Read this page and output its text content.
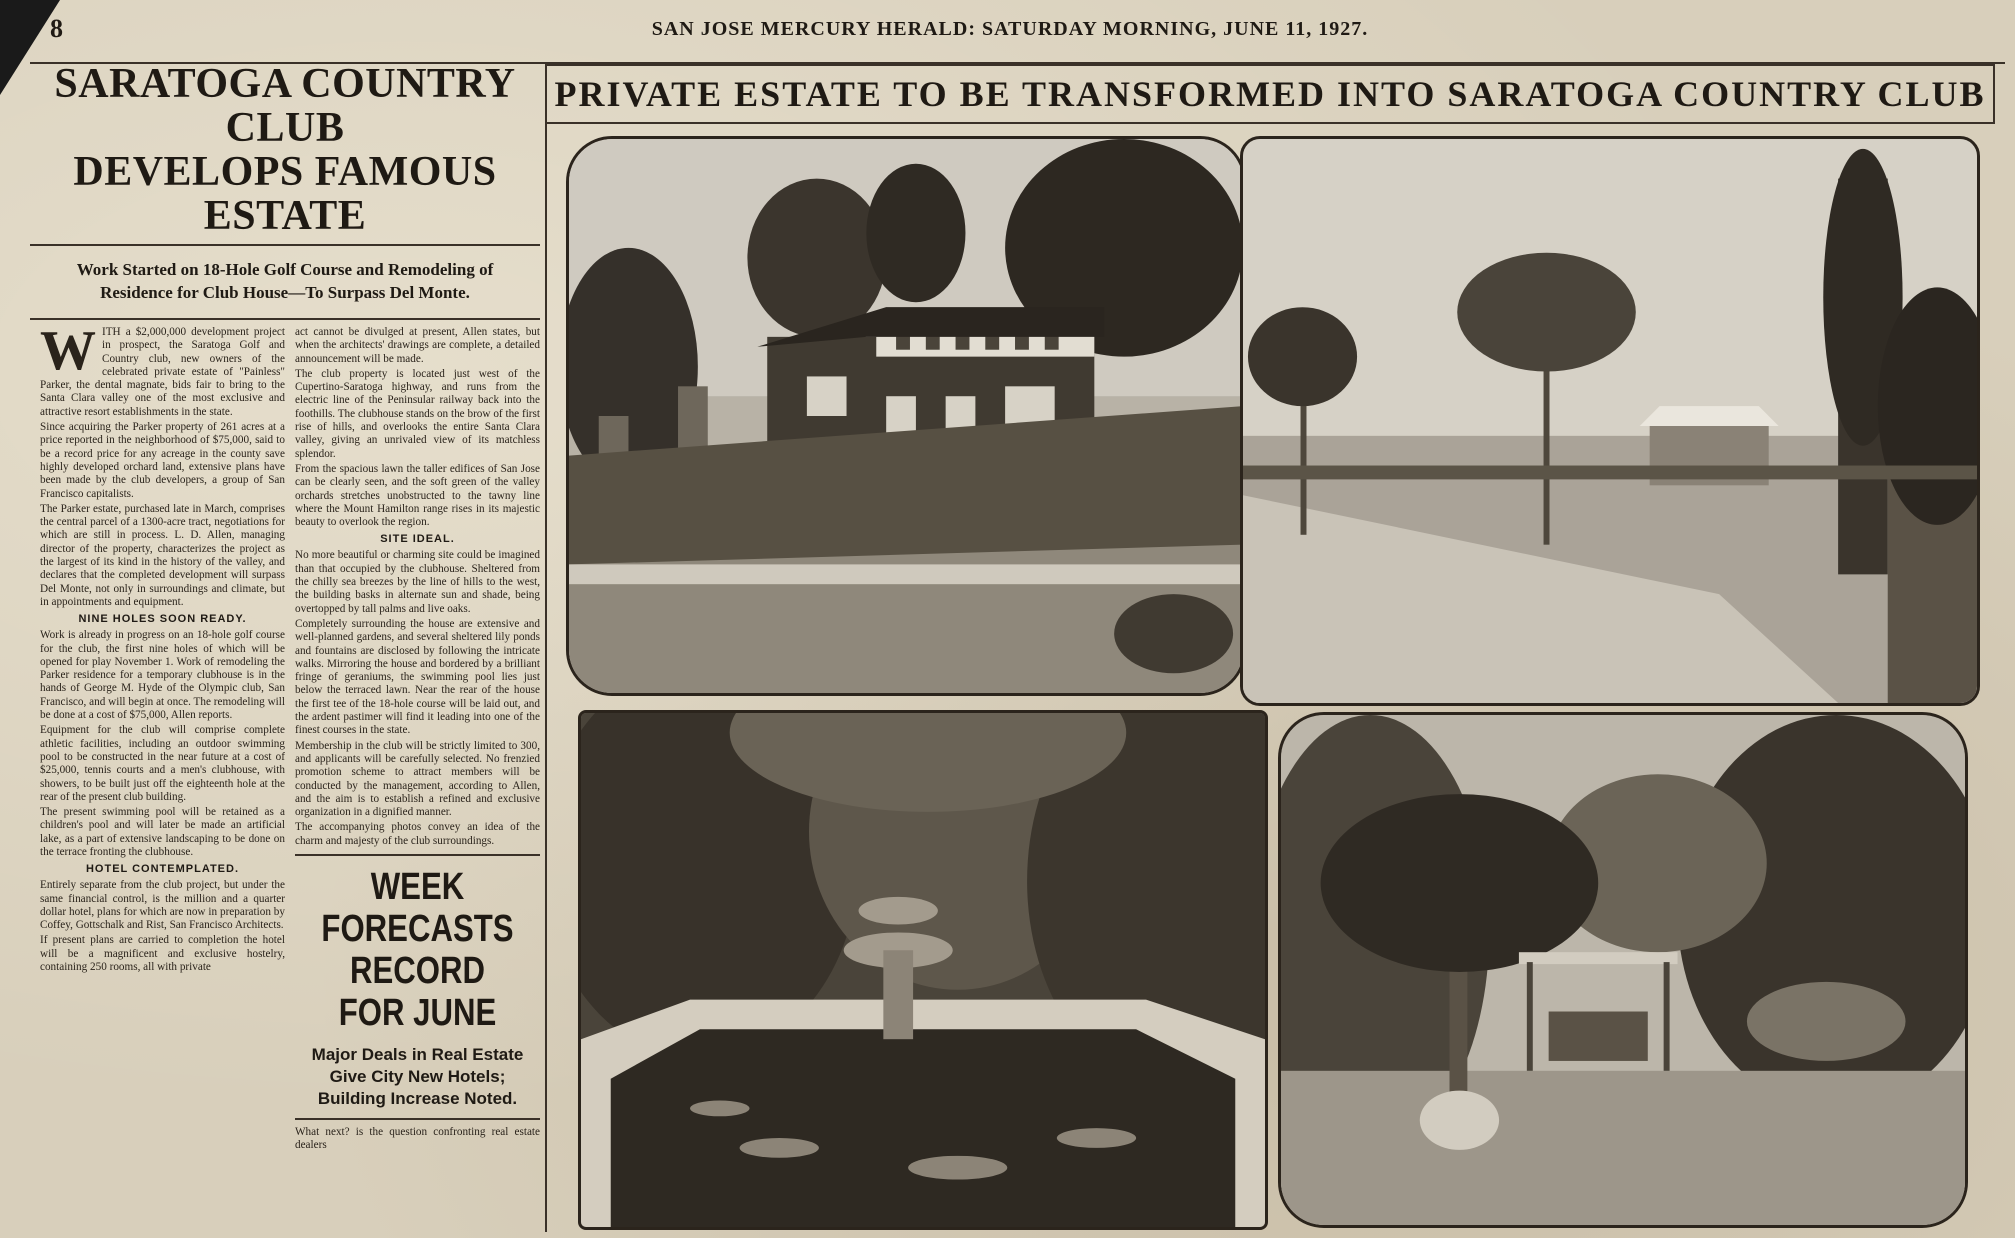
8	SAN JOSE MERCURY HERALD: SATURDAY MORNING, JUNE 11, 1927.
SARATOGA COUNTRY CLUB
DEVELOPS FAMOUS ESTATE
Work Started on 18-Hole Golf Course and Remodeling of Residence for Club House—To Surpass Del Monte.

WITH a $2,000,000 development project in prospect, the Saratoga Golf and Country club, new owners of the celebrated private estate of "Painless" Parker, the dental magnate, bids fair to bring to the Santa Clara valley one of the most exclusive and attractive resort establishments in the state.

Since acquiring the Parker property of 261 acres at a price reported in the neighborhood of $75,000, said to be a record price for any acreage in the county save highly developed orchard land, extensive plans have been made by the club developers, a group of San Francisco capitalists.

The Parker estate, purchased late in March, comprises the central parcel of a 1300-acre tract, negotiations for which are still in process. L. D. Allen, managing director of the property, characterizes the project as the largest of its kind in the history of the valley, and declares that the completed development will surpass Del Monte, not only in surroundings and climate, but in appointments and equipment.

NINE HOLES SOON READY.

Work is already in progress on an 18-hole golf course for the club, the first nine holes of which will be opened for play November 1. Work of remodeling the Parker residence for a temporary clubhouse is in the hands of George M. Hyde of the Olympic club, San Francisco, and will begin at once. The remodeling will be done at a cost of $75,000, Allen reports.

Equipment for the club will comprise complete athletic facilities, including an outdoor swimming pool to be constructed in the near future at a cost of $25,000, tennis courts and a men's clubhouse, with showers, to be built just off the eighteenth hole at the rear of the present club building.

The present swimming pool will be retained as a children's pool and will later be made an artificial lake, as a part of extensive landscaping to be done on the terrace fronting the clubhouse.

HOTEL CONTEMPLATED.

Entirely separate from the club project, but under the same financial control, is the million and a quarter dollar hotel, plans for which are now in preparation by Coffey, Gottschalk and Rist, San Francisco Architects.

If present plans are carried to completion the hotel will be a magnificent and exclusive hostelry, containing 250 rooms, all with private

act cannot be divulged at present, Allen states, but when the architects' drawings are complete, a detailed announcement will be made.

The club property is located just west of the Cupertino-Saratoga highway, and runs from the electric line of the Peninsular railway back into the foothills. The clubhouse stands on the brow of the first rise of hills, and overlooks the entire Santa Clara valley, giving an unrivaled view of its matchless splendor.

From the spacious lawn the taller edifices of San Jose can be clearly seen, and the soft green of the valley orchards stretches unobstructed to the tawny line where the Mount Hamilton range rises in its majestic beauty to overlook the region.

SITE IDEAL.

No more beautiful or charming site could be imagined than that occupied by the clubhouse. Sheltered from the chilly sea breezes by the line of hills to the west, the building basks in alternate sun and shade, being overtopped by tall palms and live oaks.

Completely surrounding the house are extensive and well-planned gardens, and several sheltered lily ponds and fountains are disclosed by following the intricate walks. Mirroring the house and bordered by a brilliant fringe of geraniums, the swimming pool lies just below the terraced lawn. Near the rear of the house the first tee of the 18-hole course will be laid out, and the ardent pastimer will find it leading into one of the finest courses in the state.

Membership in the club will be strictly limited to 300, and applicants will be carefully selected. No frenzied promotion scheme to attract members will be conducted by the management, according to Allen, and the aim is to establish a refined and exclusive organization in a dignified manner.

The accompanying photos convey an idea of the charm and majesty of the club surroundings.

WEEK FORECASTS
RECORD FOR JUNE
Major Deals in Real Estate Give City New Hotels; Building Increase Noted.

What next? is the question confronting real estate dealers

PRIVATE ESTATE TO BE TRANSFORMED INTO SARATOGA COUNTRY CLUB
